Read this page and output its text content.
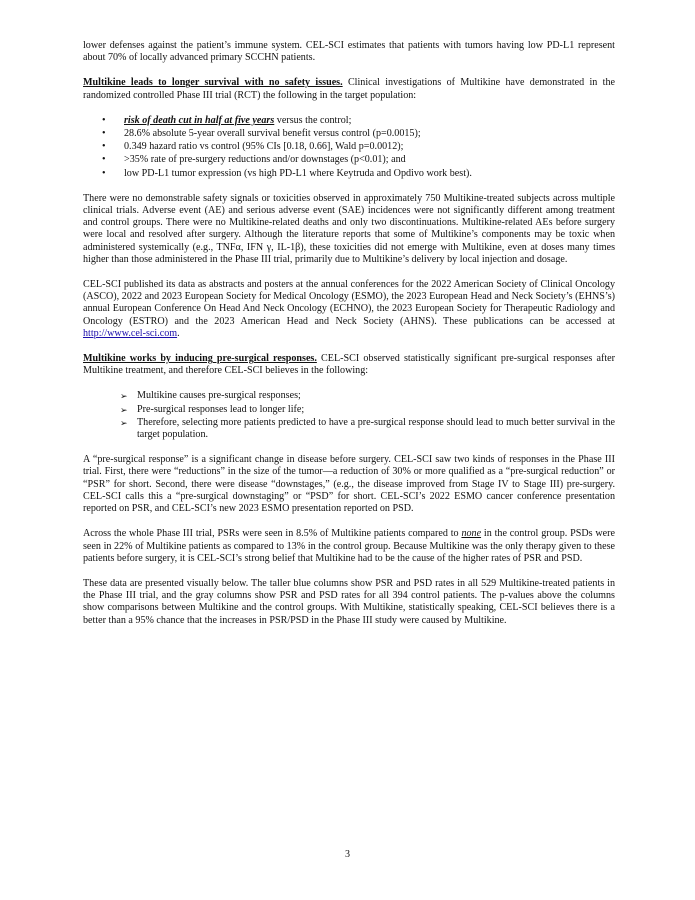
lower defenses against the patient’s immune system. CEL-SCI estimates that patients with tumors having low PD-L1 represent about 70% of locally advanced primary SCCHN patients.

Multikine leads to longer survival with no safety issues. Clinical investigations of Multikine have demonstrated in the randomized controlled Phase III trial (RCT) the following in the target population:

• risk of death cut in half at five years versus the control;
• 28.6% absolute 5-year overall survival benefit versus control (p=0.0015);
• 0.349 hazard ratio vs control (95% CIs [0.18, 0.66], Wald p=0.0012);
• >35% rate of pre-surgery reductions and/or downstages (p<0.01); and
• low PD-L1 tumor expression (vs high PD-L1 where Keytruda and Opdivo work best).

There were no demonstrable safety signals or toxicities observed in approximately 750 Multikine-treated subjects across multiple clinical trials. Adverse event (AE) and serious adverse event (SAE) incidences were not significantly different among treatment and control groups. There were no Multikine-related deaths and only two discontinuations. Multikine-related AEs before surgery were local and resolved after surgery. Although the literature reports that some of Multikine’s components may be toxic when administered systemically (e.g., TNFα, IFN γ, IL-1β), these toxicities did not emerge with Multikine, even at doses many times higher than those administered in the Phase III trial, primarily due to Multikine’s delivery by local injection and dosage.

CEL-SCI published its data as abstracts and posters at the annual conferences for the 2022 American Society of Clinical Oncology (ASCO), 2022 and 2023 European Society for Medical Oncology (ESMO), the 2023 European Head and Neck Society’s (EHNS’s) annual European Conference On Head And Neck Oncology (ECHNO), the 2023 European Society for Therapeutic Radiology and Oncology (ESTRO) and the 2023 American Head and Neck Society (AHNS). These publications can be accessed at http://www.cel-sci.com.

Multikine works by inducing pre-surgical responses. CEL-SCI observed statistically significant pre-surgical responses after Multikine treatment, and therefore CEL-SCI believes in the following:

➢ Multikine causes pre-surgical responses;
➢ Pre-surgical responses lead to longer life;
➢ Therefore, selecting more patients predicted to have a pre-surgical response should lead to much better survival in the target population.

A “pre-surgical response” is a significant change in disease before surgery. CEL-SCI saw two kinds of responses in the Phase III trial. First, there were “reductions” in the size of the tumor—a reduction of 30% or more qualified as a “pre-surgical reduction” or “PSR” for short. Second, there were disease “downstages,” (e.g., the disease improved from Stage IV to Stage III) pre-surgery. CEL-SCI calls this a “pre-surgical downstaging” or “PSD” for short. CEL-SCI’s 2022 ESMO cancer conference presentation reported on PSR, and CEL-SCI’s new 2023 ESMO presentation reported on PSD.

Across the whole Phase III trial, PSRs were seen in 8.5% of Multikine patients compared to none in the control group. PSDs were seen in 22% of Multikine patients as compared to 13% in the control group. Because Multikine was the only therapy given to these patients before surgery, it is CEL-SCI’s strong belief that Multikine had to be the cause of the higher rates of PSR and PSD.

These data are presented visually below. The taller blue columns show PSR and PSD rates in all 529 Multikine-treated patients in the Phase III trial, and the gray columns show PSR and PSD rates for all 394 control patients. The p-values above the columns show comparisons between Multikine and the control groups. With Multikine, statistically speaking, CEL-SCI believes there is a better than a 95% chance that the increases in PSR/PSD in the Phase III study were caused by Multikine.

3
